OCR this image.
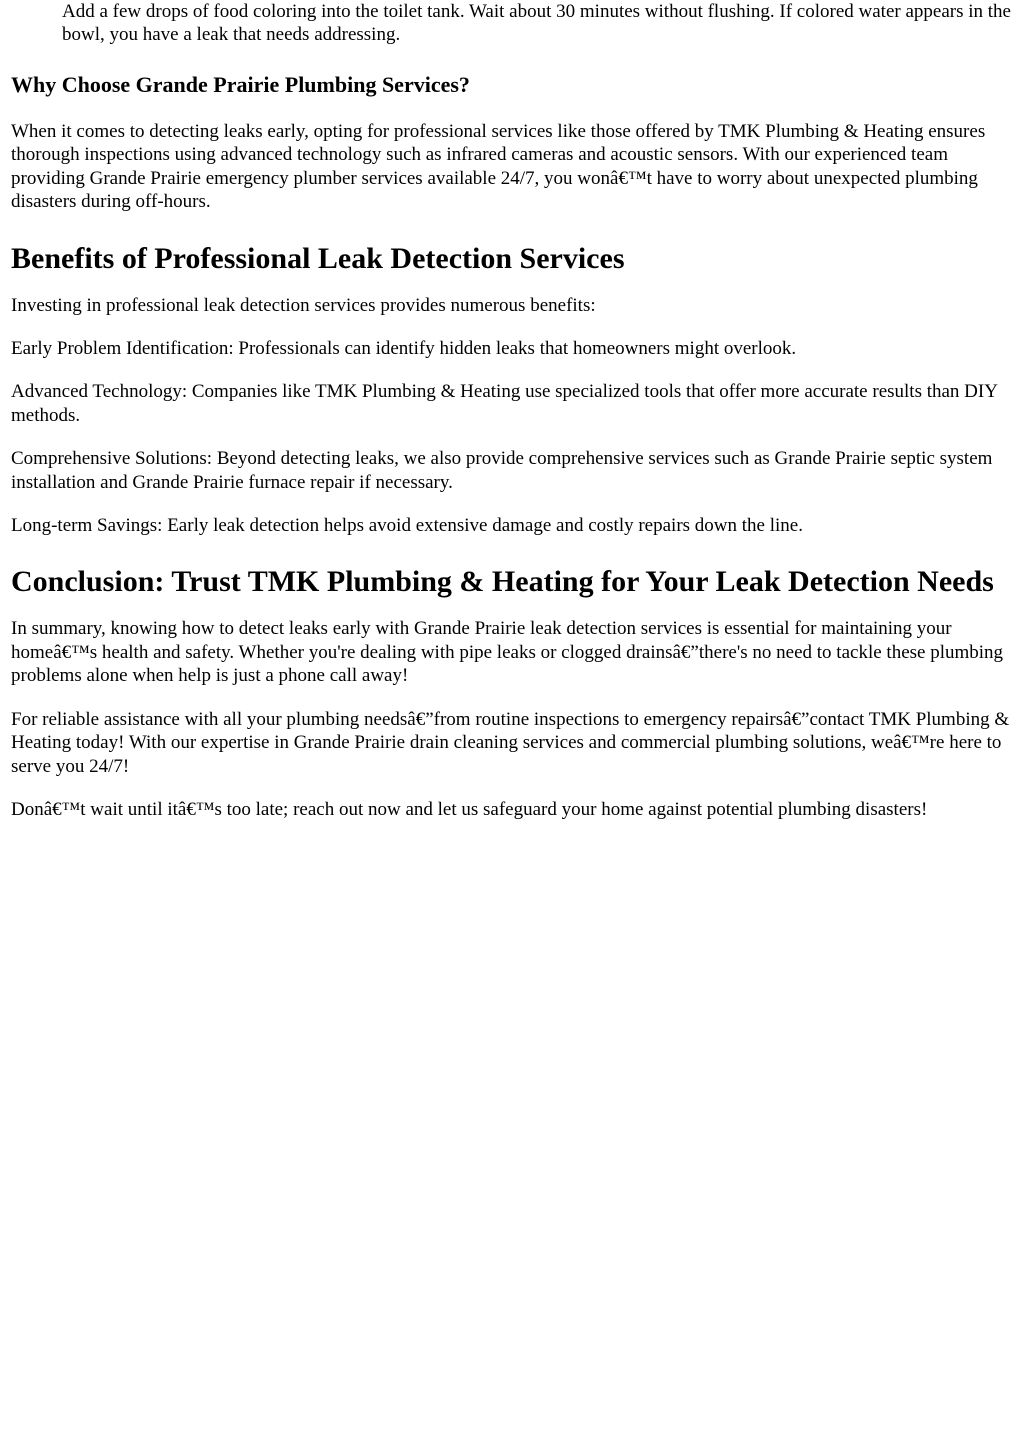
Add a few drops of food coloring into the toilet tank. Wait about 30 minutes without flushing. If colored water appears in the bowl, you have a leak that needs addressing.
Why Choose Grande Prairie Plumbing Services?

When it comes to detecting leaks early, opting for professional services like those offered by TMK Plumbing & Heating ensures thorough inspections using advanced technology such as infrared cameras and acoustic sensors. With our experienced team providing Grande Prairie emergency plumber services available 24/7, you wonâ€™t have to worry about unexpected plumbing disasters during off-hours.

Benefits of Professional Leak Detection Services

Investing in professional leak detection services provides numerous benefits:

Early Problem Identification: Professionals can identify hidden leaks that homeowners might overlook.

Advanced Technology: Companies like TMK Plumbing & Heating use specialized tools that offer more accurate results than DIY methods.

Comprehensive Solutions: Beyond detecting leaks, we also provide comprehensive services such as Grande Prairie septic system installation and Grande Prairie furnace repair if necessary.

Long-term Savings: Early leak detection helps avoid extensive damage and costly repairs down the line.

Conclusion: Trust TMK Plumbing & Heating for Your Leak Detection Needs

In summary, knowing how to detect leaks early with Grande Prairie leak detection services is essential for maintaining your homeâ€™s health and safety. Whether you're dealing with pipe leaks or clogged drainsâ€”there's no need to tackle these plumbing problems alone when help is just a phone call away!

For reliable assistance with all your plumbing needsâ€”from routine inspections to emergency repairsâ€”contact TMK Plumbing & Heating today! With our expertise in Grande Prairie drain cleaning services and commercial plumbing solutions, weâ€™re here to serve you 24/7!

Donâ€™t wait until itâ€™s too late; reach out now and let us safeguard your home against potential plumbing disasters!
